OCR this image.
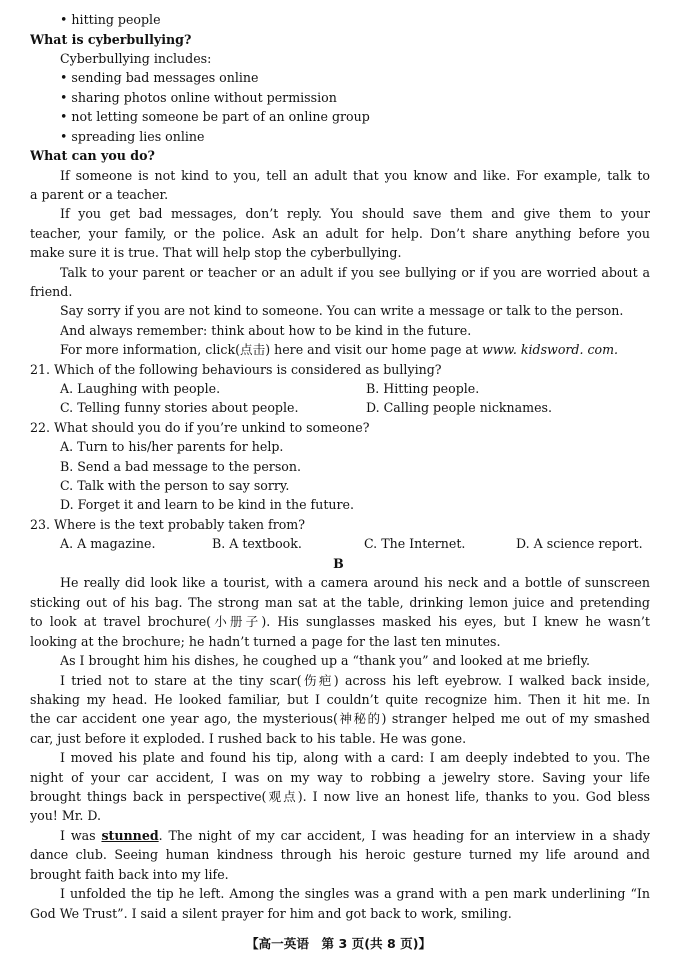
• hitting people
What is cyberbullying?
Cyberbullying includes:
• sending bad messages online
• sharing photos online without permission
• not letting someone be part of an online group
• spreading lies online
What can you do?
If someone is not kind to you, tell an adult that you know and like. For example, talk to
a parent or a teacher.
If you get bad messages, don’t reply. You should save them and give them to your
teacher, your family, or the police. Ask an adult for help. Don’t share anything before you
make sure it is true. That will help stop the cyberbullying.
Talk to your parent or teacher or an adult if you see bullying or if you are worried about a
friend.
Say sorry if you are not kind to someone. You can write a message or talk to the person.
And always remember: think about how to be kind in the future.
For more information, click(点击) here and visit our home page at www. kidsword. com.
21. Which of the following behaviours is considered as bullying?
A. Laughing with people.	B. Hitting people.
C. Telling funny stories about people.	D. Calling people nicknames.
22. What should you do if you’re unkind to someone?
A. Turn to his/her parents for help.
B. Send a bad message to the person.
C. Talk with the person to say sorry.
D. Forget it and learn to be kind in the future.
23. Where is the text probably taken from?
A. A magazine.	B. A textbook.	C. The Internet.	D. A science report.
B
He really did look like a tourist, with a camera around his neck and a bottle of sunscreen
sticking out of his bag. The strong man sat at the table, drinking lemon juice and pretending
to look at travel brochure(小册子). His sunglasses masked his eyes, but I knew he wasn’t
looking at the brochure; he hadn’t turned a page for the last ten minutes.
As I brought him his dishes, he coughed up a “thank you” and looked at me briefly.
I tried not to stare at the tiny scar(伤疤) across his left eyebrow. I walked back inside,
shaking my head. He looked familiar, but I couldn’t quite recognize him. Then it hit me. In
the car accident one year ago, the mysterious(神秘的) stranger helped me out of my smashed
car, just before it exploded. I rushed back to his table. He was gone.
I moved his plate and found his tip, along with a card: I am deeply indebted to you. The
night of your car accident, I was on my way to robbing a jewelry store. Saving your life
brought things back in perspective(观点). I now live an honest life, thanks to you. God bless
you! Mr. D.
I was stunned. The night of my car accident, I was heading for an interview in a shady
dance club. Seeing human kindness through his heroic gesture turned my life around and
brought faith back into my life.
I unfolded the tip he left. Among the singles was a grand with a pen mark underlining “In
God We Trust”. I said a silent prayer for him and got back to work, smiling.
【高一英语　第 3 页(共 8 页)】
